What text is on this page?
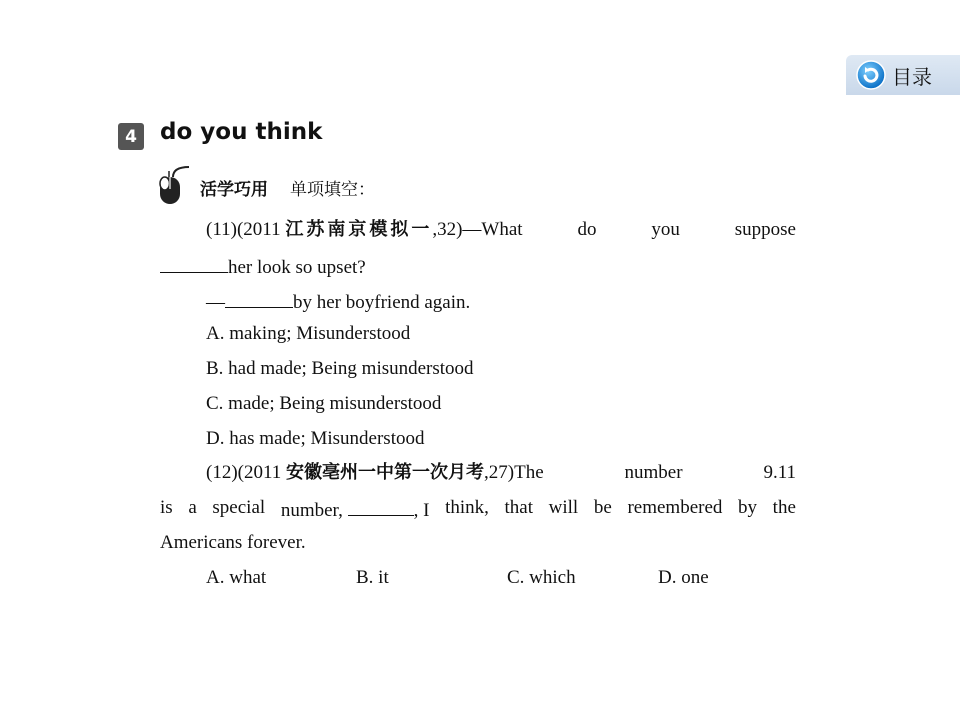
目录
4	do you think
活学巧用 单项填空：
(11)(2011 江苏南京模拟一,32)—What	do	you	suppose
her look so upset?
—	by her boyfriend again.
A. making; Misunderstood
B. had made; Being misunderstood
C. made; Being misunderstood
D. has made; Misunderstood
(12)(2011 安徽亳州一中第一次月考,27)The	number	9.11
is a special number,	, I think, that will be remembered by the
Americans forever.
A. what	B. it	C. which	D. one
